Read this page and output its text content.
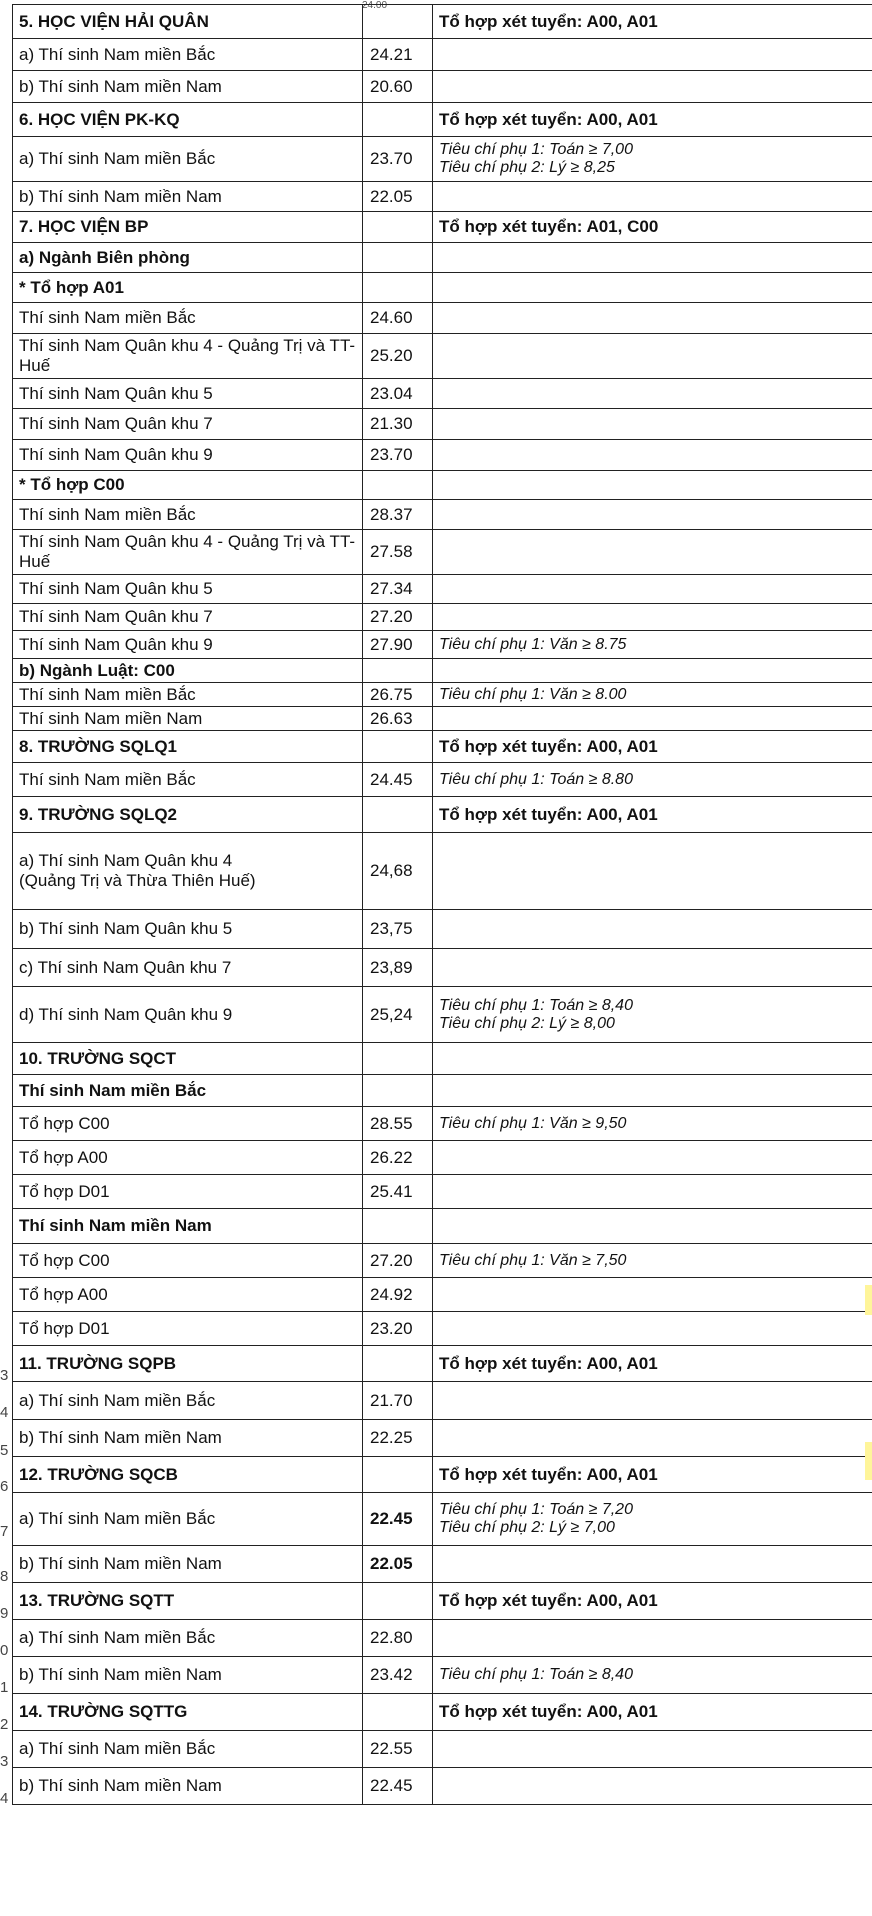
24.00
3
4
5
6
7
8
9
0
1
2
3
4
5. HỌC VIỆN HẢI QUÂN		Tổ hợp xét tuyển: A00, A01
a) Thí sinh Nam miền Bắc	24.21	
b) Thí sinh Nam miền Nam	20.60	
6. HỌC VIỆN PK-KQ		Tổ hợp xét tuyển: A00, A01
a) Thí sinh Nam miền Bắc	23.70	Tiêu chí phụ 1: Toán ≥ 7,00
Tiêu chí phụ 2: Lý ≥ 8,25
b) Thí sinh Nam miền Nam	22.05	
7. HỌC VIỆN BP		Tổ hợp xét tuyển: A01, C00
a) Ngành Biên phòng		
* Tổ hợp A01		
Thí sinh Nam miền Bắc	24.60	
Thí sinh Nam Quân khu 4 - Quảng Trị và TT-Huế	25.20	
Thí sinh Nam Quân khu 5	23.04	
Thí sinh Nam Quân khu 7	21.30	
Thí sinh Nam Quân khu 9	23.70	
* Tổ hợp C00		
Thí sinh Nam miền Bắc	28.37	
Thí sinh Nam Quân khu 4 - Quảng Trị và TT-Huế	27.58	
Thí sinh Nam Quân khu 5	27.34	
Thí sinh Nam Quân khu 7	27.20	
Thí sinh Nam Quân khu 9	27.90	Tiêu chí phụ 1: Văn ≥ 8.75
b) Ngành Luật: C00		
Thí sinh Nam miền Bắc	26.75	Tiêu chí phụ 1: Văn ≥ 8.00
Thí sinh Nam miền Nam	26.63	
8. TRƯỜNG SQLQ1		Tổ hợp xét tuyển: A00, A01
Thí sinh Nam miền Bắc	24.45	Tiêu chí phụ 1: Toán ≥ 8.80
9. TRƯỜNG SQLQ2		Tổ hợp xét tuyển: A00, A01
a) Thí sinh Nam Quân khu 4
(Quảng Trị và Thừa Thiên Huế)	24,68	
b) Thí sinh Nam Quân khu 5	23,75	
c) Thí sinh Nam Quân khu 7	23,89	
d) Thí sinh Nam Quân khu 9	25,24	Tiêu chí phụ 1: Toán ≥ 8,40
Tiêu chí phụ 2: Lý ≥ 8,00
10. TRƯỜNG SQCT		
Thí sinh Nam miền Bắc		
Tổ hợp C00	28.55	Tiêu chí phụ 1: Văn ≥ 9,50
Tổ hợp A00	26.22	
Tổ hợp D01	25.41	
Thí sinh Nam miền Nam		
Tổ hợp C00	27.20	Tiêu chí phụ 1: Văn ≥ 7,50
Tổ hợp A00	24.92	
Tổ hợp D01	23.20	
11. TRƯỜNG SQPB		Tổ hợp xét tuyển: A00, A01
a) Thí sinh Nam miền Bắc	21.70	
b) Thí sinh Nam miền Nam	22.25	
12. TRƯỜNG SQCB		Tổ hợp xét tuyển: A00, A01
a) Thí sinh Nam miền Bắc	22.45	Tiêu chí phụ 1: Toán ≥ 7,20
Tiêu chí phụ 2: Lý ≥ 7,00
b) Thí sinh Nam miền Nam	22.05	
13. TRƯỜNG SQTT		Tổ hợp xét tuyển: A00, A01
a) Thí sinh Nam miền Bắc	22.80	
b) Thí sinh Nam miền Nam	23.42	Tiêu chí phụ 1: Toán ≥ 8,40
14. TRƯỜNG SQTTG		Tổ hợp xét tuyển: A00, A01
a) Thí sinh Nam miền Bắc	22.55	
b) Thí sinh Nam miền Nam	22.45	
